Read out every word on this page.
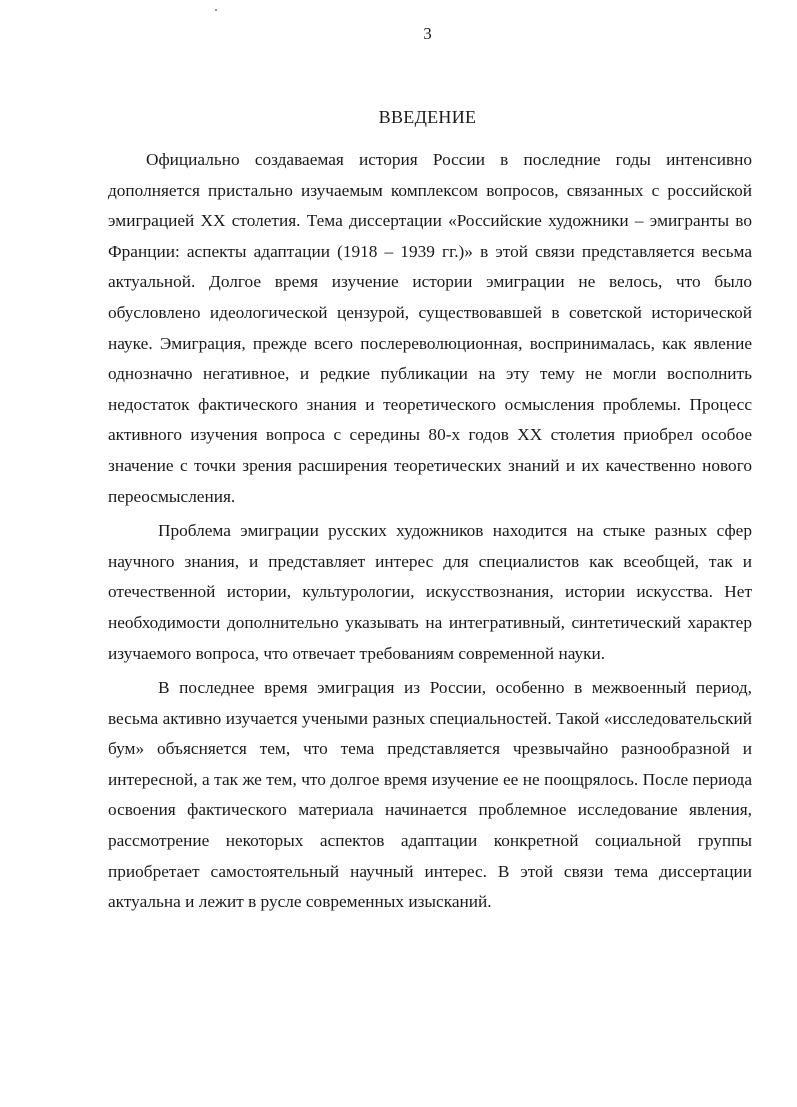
3
ВВЕДЕНИЕ

Официально создаваемая история России в последние годы интенсивно дополняется пристально изучаемым комплексом вопросов, связанных с российской эмиграцией XX столетия. Тема диссертации «Российские художники – эмигранты во Франции: аспекты адаптации (1918 – 1939 гг.)» в этой связи представляется весьма актуальной. Долгое время изучение истории эмиграции не велось, что было обусловлено идеологической цензурой, существовавшей в советской исторической науке. Эмиграция, прежде всего послереволюционная, воспринималась, как явление однозначно негативное, и редкие публикации на эту тему не могли восполнить недостаток фактического знания и теоретического осмысления проблемы. Процесс активного изучения вопроса с середины 80-х годов XX столетия приобрел особое значение с точки зрения расширения теоретических знаний и их качественно нового переосмысления.

Проблема эмиграции русских художников находится на стыке разных сфер научного знания, и представляет интерес для специалистов как всеобщей, так и отечественной истории, культурологии, искусствознания, истории искусства. Нет необходимости дополнительно указывать на интегративный, синтетический характер изучаемого вопроса, что отвечает требованиям современной науки.

В последнее время эмиграция из России, особенно в межвоенный период, весьма активно изучается учеными разных специальностей. Такой «исследовательский бум» объясняется тем, что тема представляется чрезвычайно разнообразной и интересной, а так же тем, что долгое время изучение ее не поощрялось. После периода освоения фактического материала начинается проблемное исследование явления, рассмотрение некоторых аспектов адаптации конкретной социальной группы приобретает самостоятельный научный интерес. В этой связи тема диссертации актуальна и лежит в русле современных изысканий.
